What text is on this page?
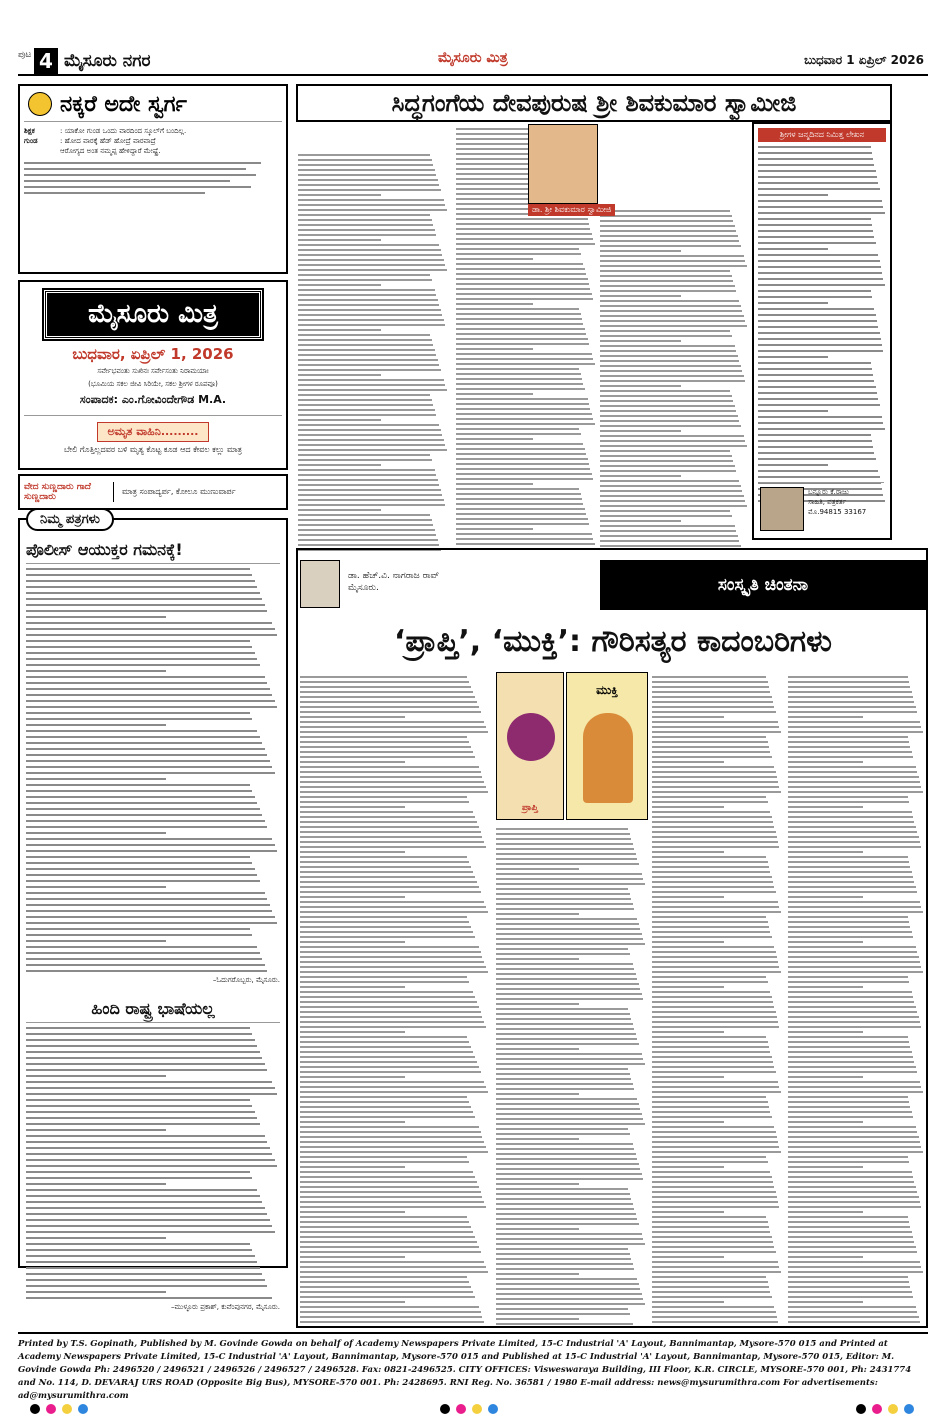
ಪುಟ 4 ಮೈಸೂರು ನಗರ	ಮೈಸೂರು ಮಿತ್ರ	ಬುಧವಾರ 1 ಏಪ್ರಿಲ್ 2026
ನಕ್ಕರೆ ಅದೇ ಸ್ವರ್ಗ
ಶಿಕ್ಷಕ	: ಯಾಕೋ ಗುಂಡ ಒಂದು ವಾರದಿಂದ ಸ್ಕೂಲ್‌ಗೆ ಬಂದಿಲ್ಲ.
ಗುಂಡ	: ಹೋದ ವಾರಕ್ಕೆ ಹೆಡ್ ಹೋದ್ರೆ ವಾರವಾದ್ರೆ
ಆರೋಗ್ಯದ ಅಂತ ನಮ್ಮಪ್ಪ ಹೇಳಿದ್ದಾರೆ ಮೇಷ್ಟ್ರೆ.
ಮೈಸೂರು ಮಿತ್ರ
ಬುಧವಾರ, ಏಪ್ರಿಲ್ 1, 2026
ಸರ್ವೇಭವಂತು ಸುಖಿನಃ ಸರ್ವೇಸಂತು ನಿರಾಮಯಾಃ
(ಭೂಮಿಯ ಸಕಲ ಜೀವಿ ಸಿರಿಯೇ, ಸಕಲ ಶ್ರೀಗಳ ರೂಪವೂ)
ಸಂಪಾದಕ: ಎಂ.ಗೋವಿಂದೇಗೌಡ M.A.
ಅಮೃತ ವಾಹಿನಿ.........
ಬೇಲಿ ಗೊತ್ತಿಲ್ಲದವರ ಬಳಿ ಮೃತ್ಯ ಕೊಟ್ಟ ಕೂಡ ಆದ ಕೇವಲ ಕಲ್ಲು ಮಾತ್ರ
ವೇದ ಸುಣ್ಣದಾರು ಗಾದೆ ಸುಣ್ಣದಾರು
ಮಾತ್ರ ಸಂಪಾದ್ಯರ್ಪ, ಕೋಲೂ ಮುಣುವಾರ್ಪ
ನಿಮ್ಮ ಪತ್ರಗಳು
ಪೊಲೀಸ್ ಆಯುಕ್ತರ ಗಮನಕ್ಕೆ!
–ಓದುಗರೊಬ್ಬರು, ಮೈಸೂರು.
ಹಿಂದಿ ರಾಷ್ಟ್ರ ಭಾಷೆಯಲ್ಲ
–ಮುಳ್ಳೂರು ಪ್ರಕಾಶ್, ಕುವೆಂಪುನಗರ, ಮೈಸೂರು.
ಸಿದ್ಧಗಂಗೆಯ ದೇವಪುರುಷ ಶ್ರೀ ಶಿವಕುಮಾರ ಸ್ವಾಮೀಜಿ
ಡಾ. ಶ್ರೀ ಶಿವಕುಮಾರ ಸ್ವಾಮೀಜಿ
ಶ್ರೀಗಳ ಜನ್ಮದಿನದ ನಿಮಿತ್ತ ಲೇಖನ
ಬನ್ನೂರು ಕೆ.ರಾಜು
ಸಾಹಿತಿ, ಪತ್ರಕರ್ತ
ಮೊ.94815 33167
ಡಾ. ಹೆಚ್.ವಿ. ನಾಗರಾಜ ರಾವ್
ಮೈಸೂರು.	ಸಂಸ್ಕೃತಿ ಚಿಂತನಾ
‘ಪ್ರಾಪ್ತಿ’, ‘ಮುಕ್ತಿ’: ಗೌರಿಸತ್ಯರ ಕಾದಂಬರಿಗಳು
ಪ್ರಾಪ್ತಿ
ಮುಕ್ತಿ
Printed by T.S. Gopinath, Published by M. Govinde Gowda on behalf of Academy Newspapers Private Limited, 15-C Industrial 'A' Layout, Bannimantap, Mysore-570 015 and Printed at Academy Newspapers Private Limited, 15-C Industrial 'A' Layout, Bannimantap, Mysore-570 015 and Published at 15-C Industrial 'A' Layout, Bannimantap, Mysore-570 015, Editor: M. Govinde Gowda Ph: 2496520 / 2496521 / 2496526 / 2496527 / 2496528. Fax: 0821-2496525. CITY OFFICES: Visweswaraya Building, III Floor, K.R. CIRCLE, MYSORE-570 001, Ph: 2431774 and No. 114, D. DEVARAJ URS ROAD (Opposite Big Bus), MYSORE-570 001. Ph: 2428695. RNI Reg. No. 36581 / 1980 E-mail address: news@mysurumithra.com For advertisements: ad@mysurumithra.com
